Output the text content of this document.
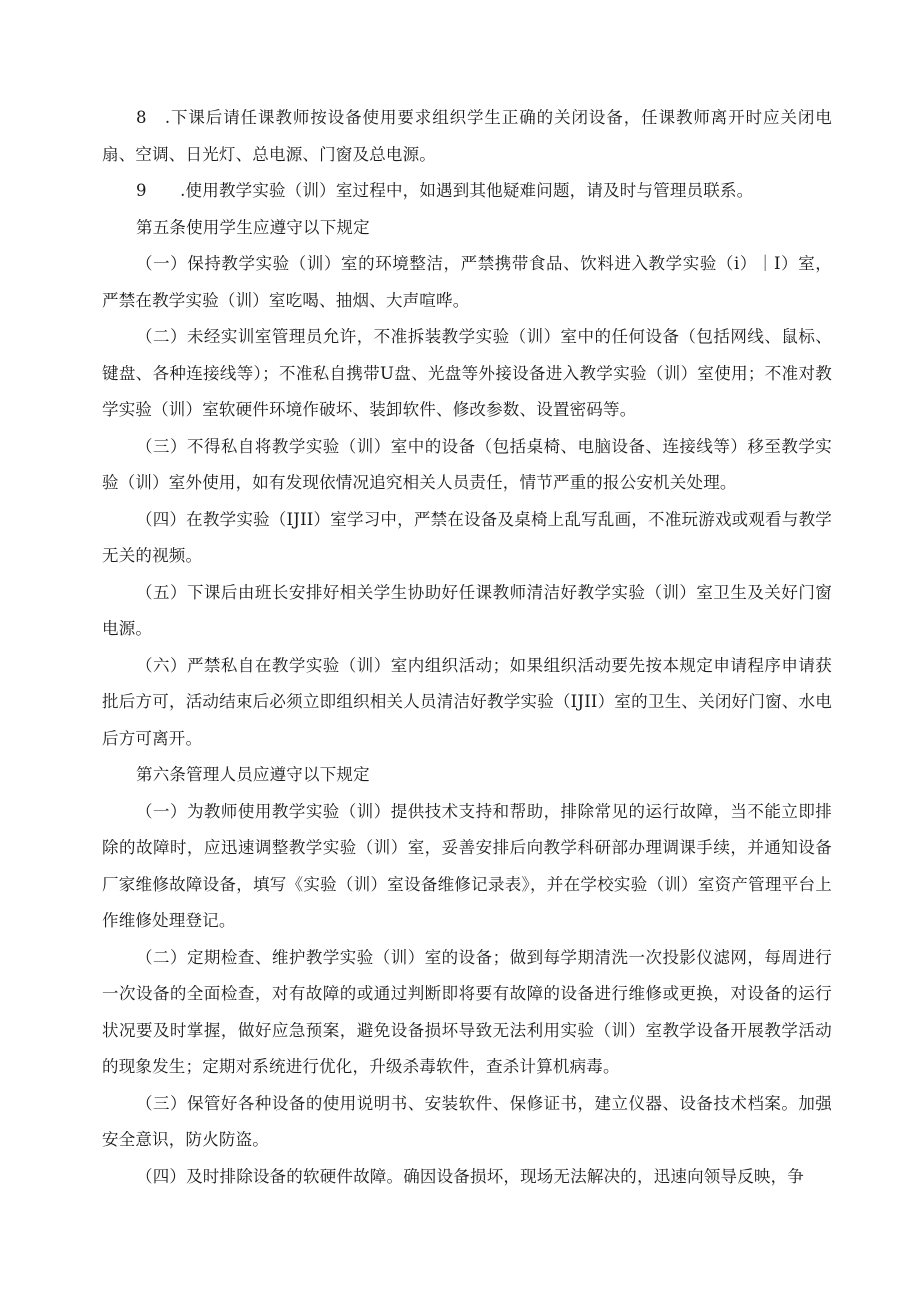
8　.下课后请任课教师按设备使用要求组织学生正确的关闭设备，任课教师离开时应关闭电扇、空调、日光灯、总电源、门窗及总电源。

9　　.使用教学实验（训）室过程中，如遇到其他疑难问题，请及时与管理员联系。

第五条使用学生应遵守以下规定

（一）保持教学实验（训）室的环境整洁，严禁携带食品、饮料进入教学实验（i）｜I）室，严禁在教学实验（训）室吃喝、抽烟、大声喧哗。

（二）未经实训室管理员允许，不准拆装教学实验（训）室中的任何设备（包括网线、鼠标、键盘、各种连接线等）；不准私自携带U盘、光盘等外接设备进入教学实验（训）室使用；不准对教学实验（训）室软硬件环境作破坏、装卸软件、修改参数、设置密码等。

（三）不得私自将教学实验（训）室中的设备（包括桌椅、电脑设备、连接线等）移至教学实验（训）室外使用，如有发现依情况追究相关人员责任，情节严重的报公安机关处理。

（四）在教学实验（IJII）室学习中，严禁在设备及桌椅上乱写乱画，不准玩游戏或观看与教学无关的视频。

（五）下课后由班长安排好相关学生协助好任课教师清洁好教学实验（训）室卫生及关好门窗电源。

（六）严禁私自在教学实验（训）室内组织活动；如果组织活动要先按本规定申请程序申请获批后方可，活动结束后必须立即组织相关人员清洁好教学实验（IJII）室的卫生、关闭好门窗、水电后方可离开。

第六条管理人员应遵守以下规定

（一）为教师使用教学实验（训）提供技术支持和帮助，排除常见的运行故障，当不能立即排除的故障时，应迅速调整教学实验（训）室，妥善安排后向教学科研部办理调课手续，并通知设备厂家维修故障设备，填写《实验（训）室设备维修记录表》，并在学校实验（训）室资产管理平台上作维修处理登记。

（二）定期检查、维护教学实验（训）室的设备；做到每学期清洗一次投影仪滤网，每周进行一次设备的全面检查，对有故障的或通过判断即将要有故障的设备进行维修或更换，对设备的运行状况要及时掌握，做好应急预案，避免设备损坏导致无法利用实验（训）室教学设备开展教学活动的现象发生；定期对系统进行优化，升级杀毒软件，查杀计算机病毒。

（三）保管好各种设备的使用说明书、安装软件、保修证书，建立仪器、设备技术档案。加强安全意识，防火防盗。

（四）及时排除设备的软硬件故障。确因设备损坏，现场无法解决的，迅速向领导反映，争
